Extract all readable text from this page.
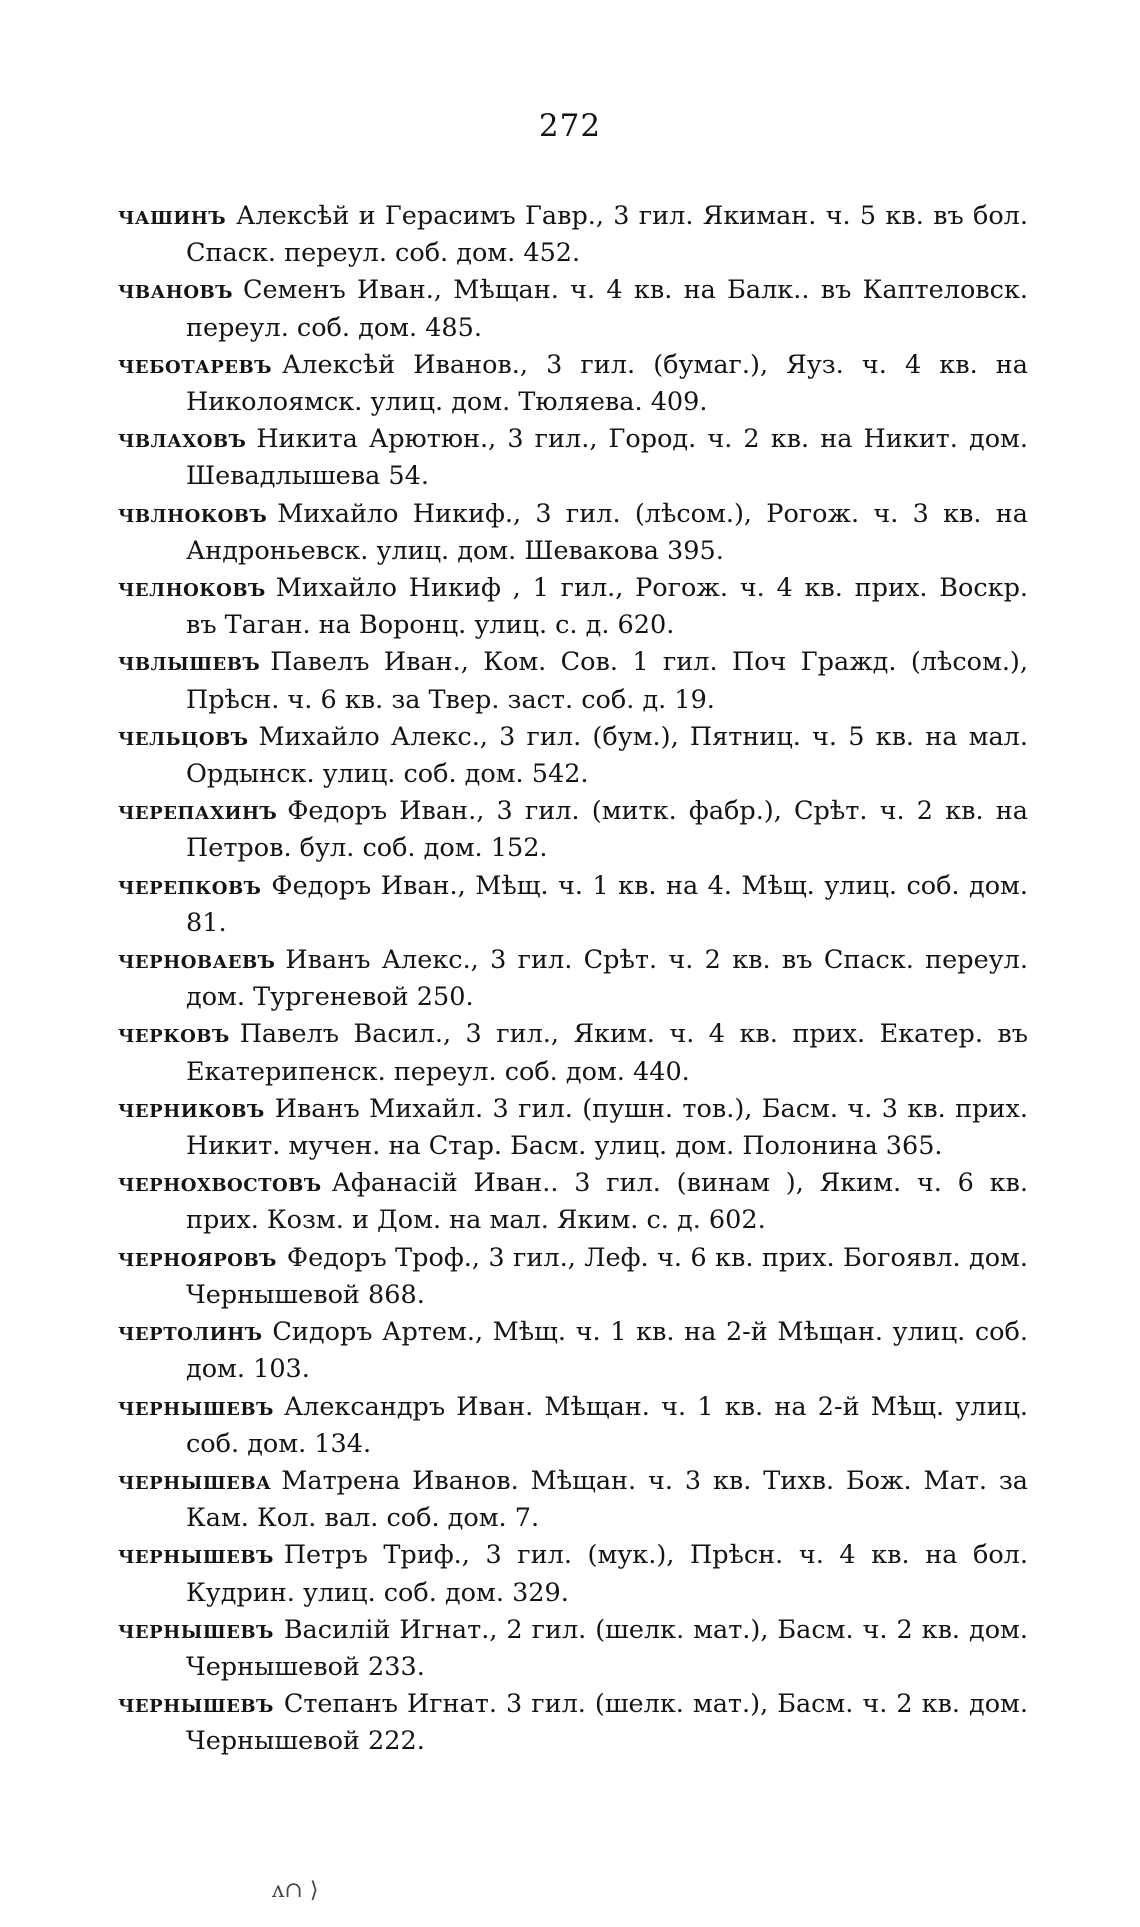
272

чашинъ Алексѣй и Герасимъ Гавр., 3 гил. Якиман. ч. 5 кв. въ бол. Спаск. переул. соб. дом. 452.

чвановъ Семенъ Иван., Мѣщан. ч. 4 кв. на Балк.. въ Каптеловск. переул. соб. дом. 485.

чеботаревъ Алексѣй Иванов., 3 гил. (бумаг.), Яуз. ч. 4 кв. на Николоямск. улиц. дом. Тюляева. 409.

чвлаховъ Никита Арютюн., 3 гил., Город. ч. 2 кв. на Никит. дом. Шевадлышева 54.

чвлноковъ Михайло Никиф., 3 гил. (лѣсом.), Рогож. ч. 3 кв. на Андроньевск. улиц. дом. Шевакова 395.

челноковъ Михайло Никиф , 1 гил., Рогож. ч. 4 кв. прих. Воскр. въ Таган. на Воронц. улиц. с. д. 620.

чвлышевъ Павелъ Иван., Ком. Сов. 1 гил. Поч Гражд. (лѣсом.), Прѣсн. ч. 6 кв. за Твер. заст. соб. д. 19.

чельцовъ Михайло Алекс., 3 гил. (бум.), Пятниц. ч. 5 кв. на мал. Ордынск. улиц. соб. дом. 542.

черепахинъ Федоръ Иван., 3 гил. (митк. фабр.), Срѣт. ч. 2 кв. на Петров. бул. соб. дом. 152.

черепковъ Федоръ Иван., Мѣщ. ч. 1 кв. на 4. Мѣщ. улиц. соб. дом. 81.

черноваевъ Иванъ Алекс., 3 гил. Срѣт. ч. 2 кв. въ Спаск. переул. дом. Тургеневой 250.

черковъ Павелъ Васил., 3 гил., Яким. ч. 4 кв. прих. Екатер. въ Екатерипенск. переул. соб. дом. 440.

черниковъ Иванъ Михайл. 3 гил. (пушн. тов.), Басм. ч. 3 кв. прих. Никит. мучен. на Стар. Басм. улиц. дом. Полонина 365.

чернохвостовъ Афанасій Иван.. 3 гил. (винам ), Яким. ч. 6 кв. прих. Козм. и Дом. на мал. Яким. с. д. 602.

чернояровъ Федоръ Троф., 3 гил., Леф. ч. 6 кв. прих. Богоявл. дом. Чернышевой 868.

чертолинъ Сидоръ Артем., Мѣщ. ч. 1 кв. на 2-й Мѣщан. улиц. соб. дом. 103.

чернышевъ Александръ Иван. Мѣщан. ч. 1 кв. на 2-й Мѣщ. улиц. соб. дом. 134.

чернышева Матрена Иванов. Мѣщан. ч. 3 кв. Тихв. Бож. Мат. за Кам. Кол. вал. соб. дом. 7.

чернышевъ Петръ Триф., 3 гил. (мук.), Прѣсн. ч. 4 кв. на бол. Кудрин. улиц. соб. дом. 329.

чернышевъ Василій Игнат., 2 гил. (шелк. мат.), Басм. ч. 2 кв. дом. Чернышевой 233.

чернышевъ Степанъ Игнат. 3 гил. (шелк. мат.), Басм. ч. 2 кв. дом. Чернышевой 222.

ᴧ∩ ⟩
